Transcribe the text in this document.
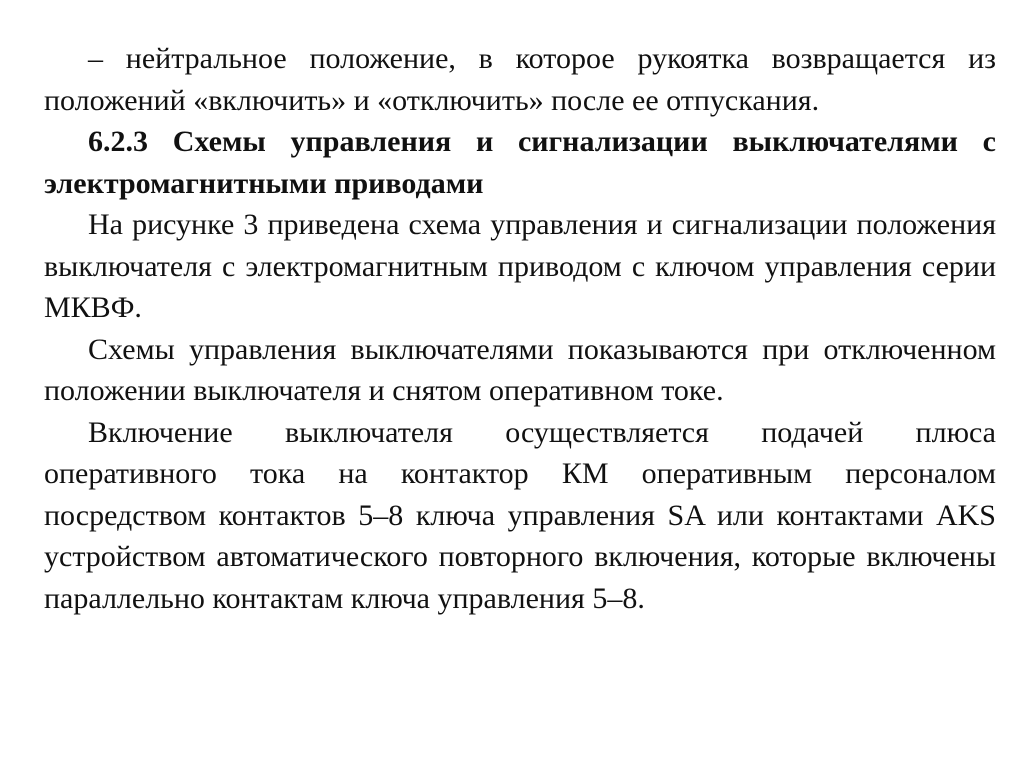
– нейтральное положение, в которое рукоятка возвращается из положений «включить» и «отключить» после ее отпускания.

6.2.3 Схемы управления и сигнализации выключателями с электромагнитными приводами

На рисунке 3 приведена схема управления и сигнализации положения выключателя с электромагнитным приводом с ключом управления серии МКВФ.

Схемы управления выключателями показываются при отключенном положении выключателя и снятом оперативном токе.

Включение выключателя осуществляется подачей плюса оперативного тока на контактор КМ оперативным персоналом посредством контактов 5–8 ключа управления SA или контактами AKS устройством автоматического повторного включения, которые включены параллельно контактам ключа управления 5–8.
